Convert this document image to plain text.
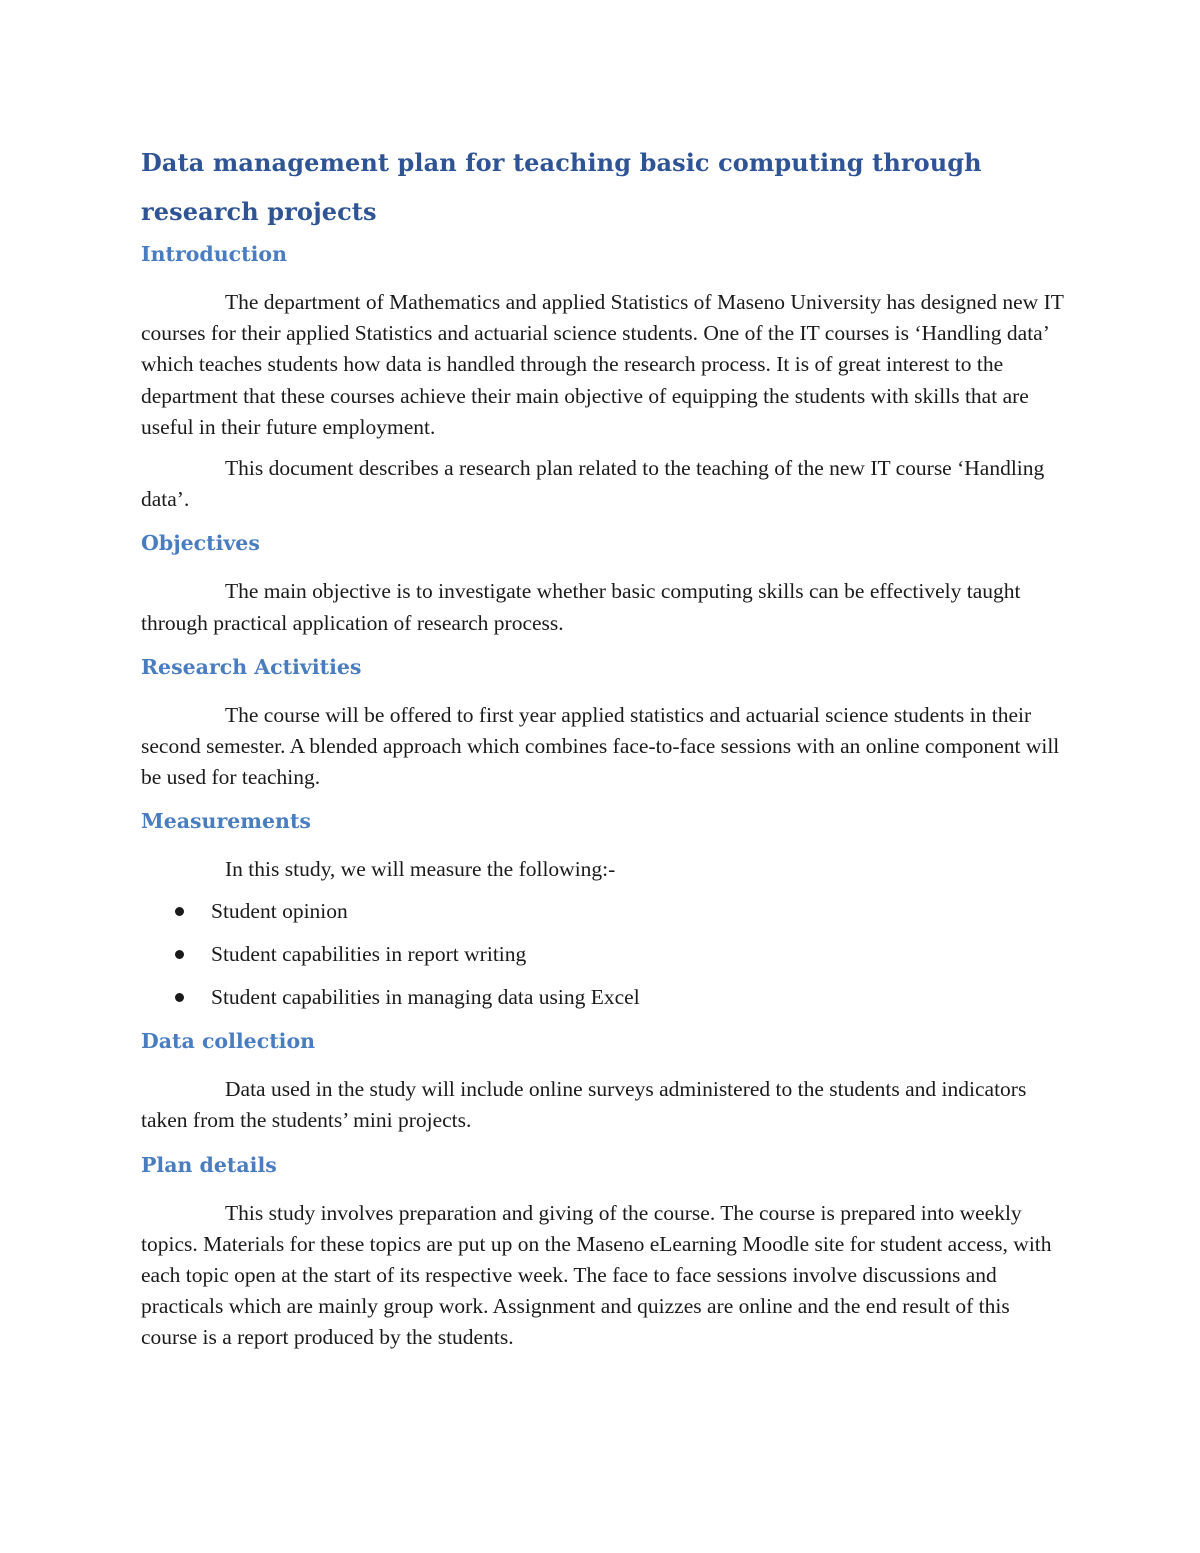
Data management plan for teaching basic computing through research projects
Introduction

The department of Mathematics and applied Statistics of Maseno University has designed new IT courses for their applied Statistics and actuarial science students. One of the IT courses is ‘Handling data’ which teaches students how data is handled through the research process. It is of great interest to the department that these courses achieve their main objective of equipping the students with skills that are useful in their future employment.

This document describes a research plan related to the teaching of the new IT course ‘Handling data’.

Objectives

The main objective is to investigate whether basic computing skills can be effectively taught through practical application of research process.

Research Activities

The course will be offered to first year applied statistics and actuarial science students in their second semester. A blended approach which combines face-to-face sessions with an online component will be used for teaching.

Measurements

In this study, we will measure the following:-

Student opinion
Student capabilities in report writing
Student capabilities in managing data using Excel
Data collection

Data used in the study will include online surveys administered to the students and indicators taken from the students’ mini projects.

Plan details

This study involves preparation and giving of the course. The course is prepared into weekly topics. Materials for these topics are put up on the Maseno eLearning Moodle site for student access, with each topic open at the start of its respective week. The face to face sessions involve discussions and practicals which are mainly group work. Assignment and quizzes are online and the end result of this course is a report produced by the students.
